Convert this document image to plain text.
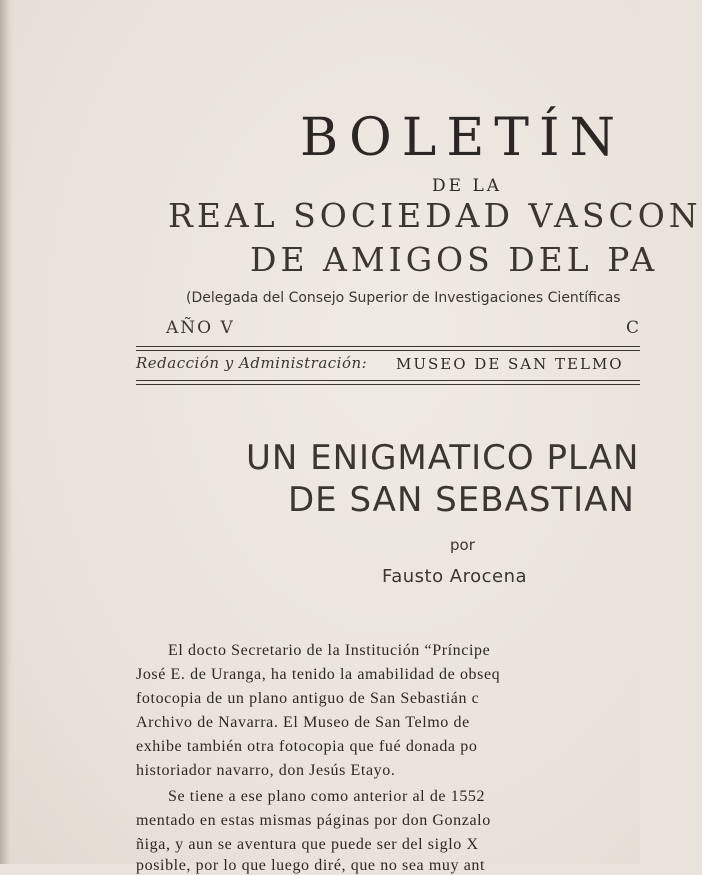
BOLETÍN
DE LA
REAL SOCIEDAD VASCON
DE AMIGOS DEL PA
(Delegada del Consejo Superior de Investigaciones Científicas
AÑO V	C
Redacción y Administración: MUSEO DE SAN TELMO
UN ENIGMATICO PLAN
DE SAN SEBASTIAN
por
Fausto Arocena
El docto Secretario de la Institución “Príncipe
José E. de Uranga, ha tenido la amabilidad de obseq
fotocopia de un plano antiguo de San Sebastián c
Archivo de Navarra. El Museo de San Telmo de
exhibe también otra fotocopia que fué donada po
historiador navarro, don Jesús Etayo.
Se tiene a ese plano como anterior al de 1552
mentado en estas mismas páginas por don Gonzalo
ñiga, y aun se aventura que puede ser del siglo X
posible, por lo que luego diré, que no sea muy ant
